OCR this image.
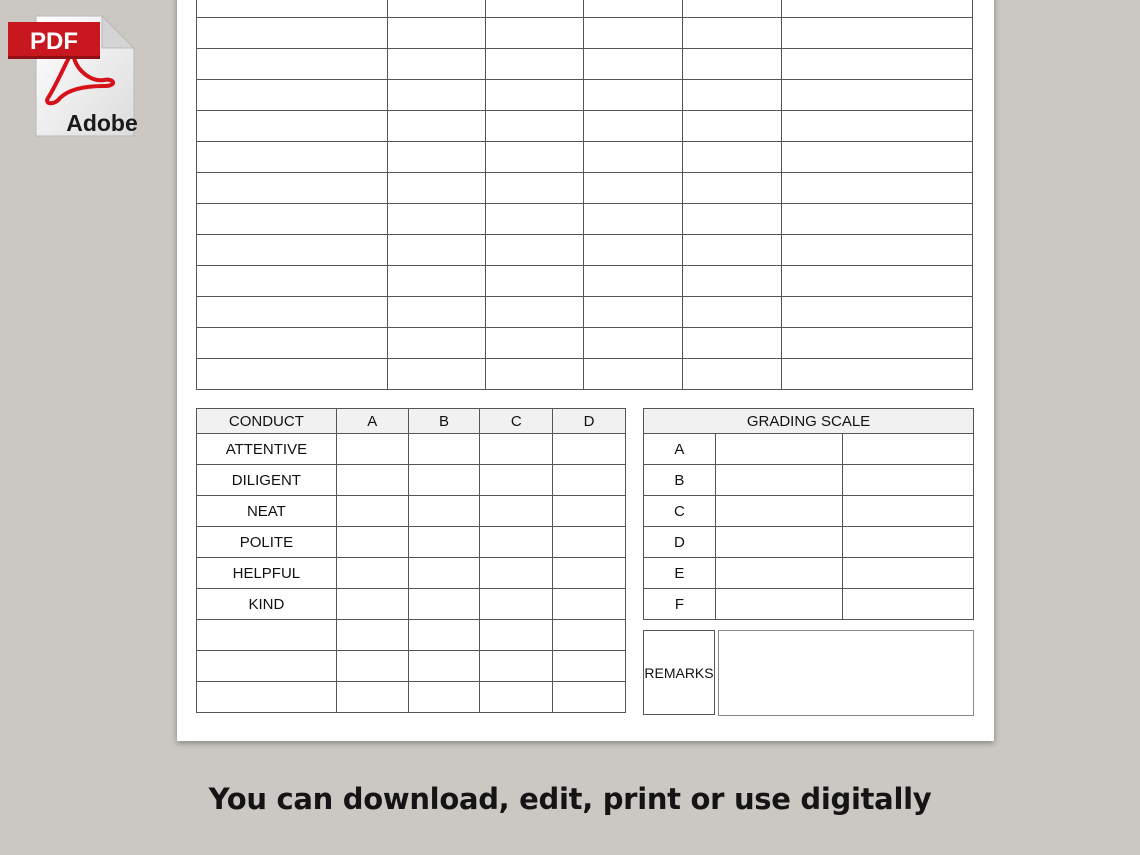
CONDUCT	A	B	C	D
ATTENTIVE				
DILIGENT				
NEAT				
POLITE				
HELPFUL				
KIND				

GRADING SCALE		
A		
B		
C		
D		
E		
F		
REMARKS
You can download, edit, print or use digitally
PDF
Adobe
